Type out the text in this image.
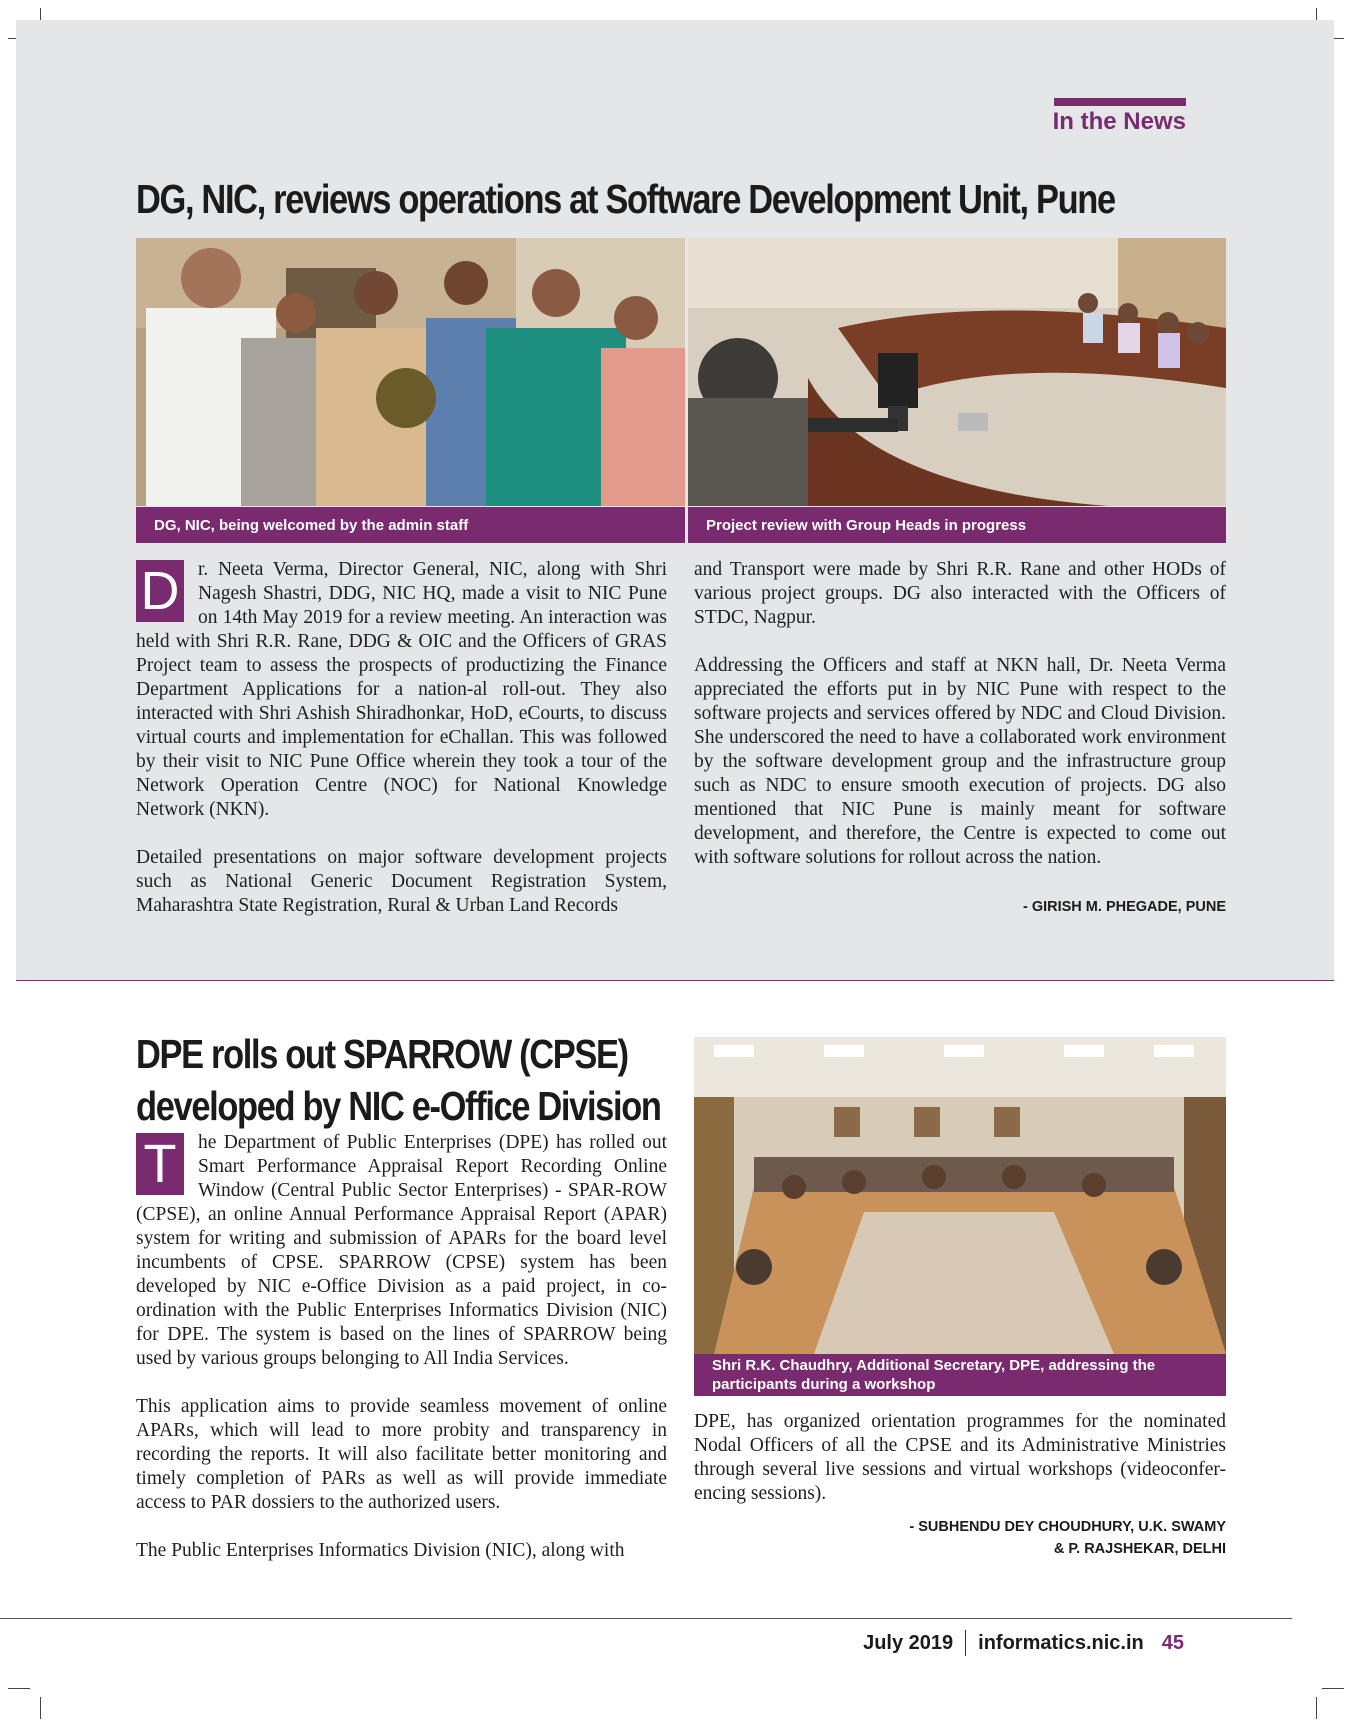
In the News
DG, NIC, reviews operations at Software Development Unit, Pune
DG, NIC, being welcomed by the admin staff	Project review with Group Heads in progress

D r. Neeta Verma, Director General, NIC, along with Shri Nagesh Shastri, DDG, NIC HQ, made a visit to NIC Pune on 14th May 2019 for a review meeting. An interaction was held with Shri R.R. Rane, DDG & OIC and the Officers of GRAS Project team to assess the prospects of productizing the Finance Department Applications for a nation-al roll-out. They also interacted with Shri Ashish Shiradhonkar, HoD, eCourts, to discuss virtual courts and implementation for eChallan. This was followed by their visit to NIC Pune Office wherein they took a tour of the Network Operation Centre (NOC) for National Knowledge Network (NKN).

Detailed presentations on major software development projects such as National Generic Document Registration System, Maharashtra State Registration, Rural & Urban Land Records

and Transport were made by Shri R.R. Rane and other HODs of various project groups. DG also interacted with the Officers of STDC, Nagpur.

Addressing the Officers and staff at NKN hall, Dr. Neeta Verma appreciated the efforts put in by NIC Pune with respect to the software projects and services offered by NDC and Cloud Division. She underscored the need to have a collaborated work environment by the software development group and the infrastructure group such as NDC to ensure smooth execution of projects. DG also mentioned that NIC Pune is mainly meant for software development, and therefore, the Centre is expected to come out with software solutions for rollout across the nation.

- GIRISH M. PHEGADE, PUNE
DPE rolls out SPARROW (CPSE)
developed by NIC e-Office Division
Shri R.K. Chaudhry, Additional Secretary, DPE, addressing the participants during a workshop

T	he Department of Public Enterprises (DPE) has rolled out Smart Performance Appraisal Report Recording Online Window (Central Public Sector Enterprises) - SPAR-ROW (CPSE), an online Annual Performance Appraisal Report (APAR) system for writing and submission of APARs for the board level incumbents of CPSE. SPARROW (CPSE) system has been developed by NIC e-Office Division as a paid project, in co-ordination with the Public Enterprises Informatics Division (NIC) for DPE. The system is based on the lines of SPARROW being used by various groups belonging to All India Services.

This application aims to provide seamless movement of online APARs, which will lead to more probity and transparency in recording the reports. It will also facilitate better monitoring and timely completion of PARs as well as will provide immediate access to PAR dossiers to the authorized users.

The Public Enterprises Informatics Division (NIC), along with

DPE, has organized orientation programmes for the nominated Nodal Officers of all the CPSE and its Administrative Ministries through several live sessions and virtual workshops (videoconfer-encing sessions).

- SUBHENDU DEY CHOUDHURY, U.K. SWAMY
& P. RAJSHEKAR, DELHI
July 2019 informatics.nic.in 45
